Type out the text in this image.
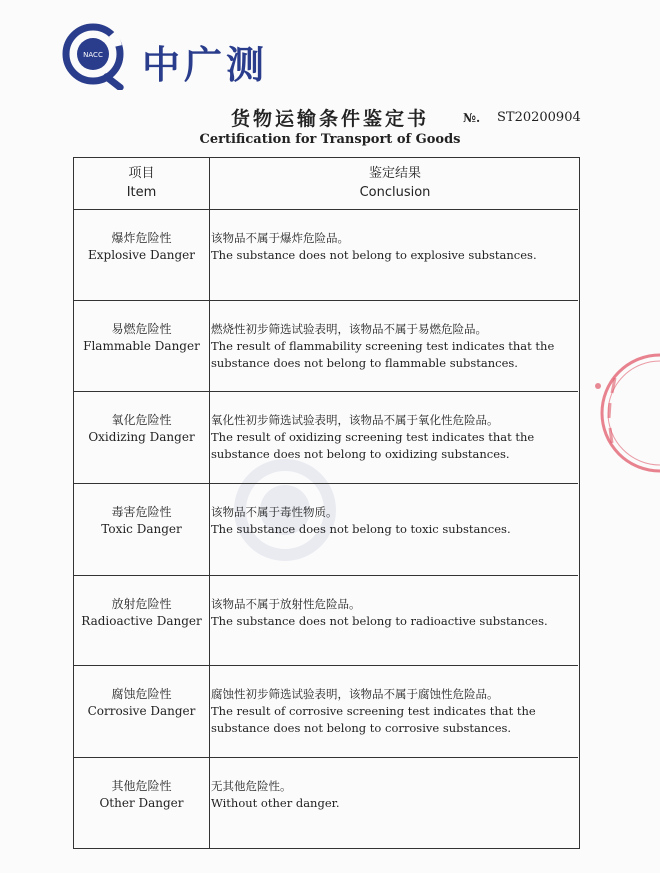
NACC 中广测
货物运输条件鉴定书	№. ST20200904
Certification for Transport of Goods
项目
Item
鉴定结果
Conclusion
爆炸危险性
Explosive Danger
该物品不属于爆炸危险品。
The substance does not belong to explosive substances.
易燃危险性
Flammable Danger
燃烧性初步筛选试验表明，该物品不属于易燃危险品。
The result of flammability screening test indicates that the substance does not belong to flammable substances.
氧化危险性
Oxidizing Danger
氧化性初步筛选试验表明，该物品不属于氧化性危险品。
The result of oxidizing screening test indicates that the substance does not belong to oxidizing substances.
毒害危险性
Toxic Danger
该物品不属于毒性物质。
The substance does not belong to toxic substances.
放射危险性
Radioactive Danger
该物品不属于放射性危险品。
The substance does not belong to radioactive substances.
腐蚀危险性
Corrosive Danger
腐蚀性初步筛选试验表明，该物品不属于腐蚀性危险品。
The result of corrosive screening test indicates that the substance does not belong to corrosive substances.
其他危险性
Other Danger
无其他危险性。
Without other danger.
